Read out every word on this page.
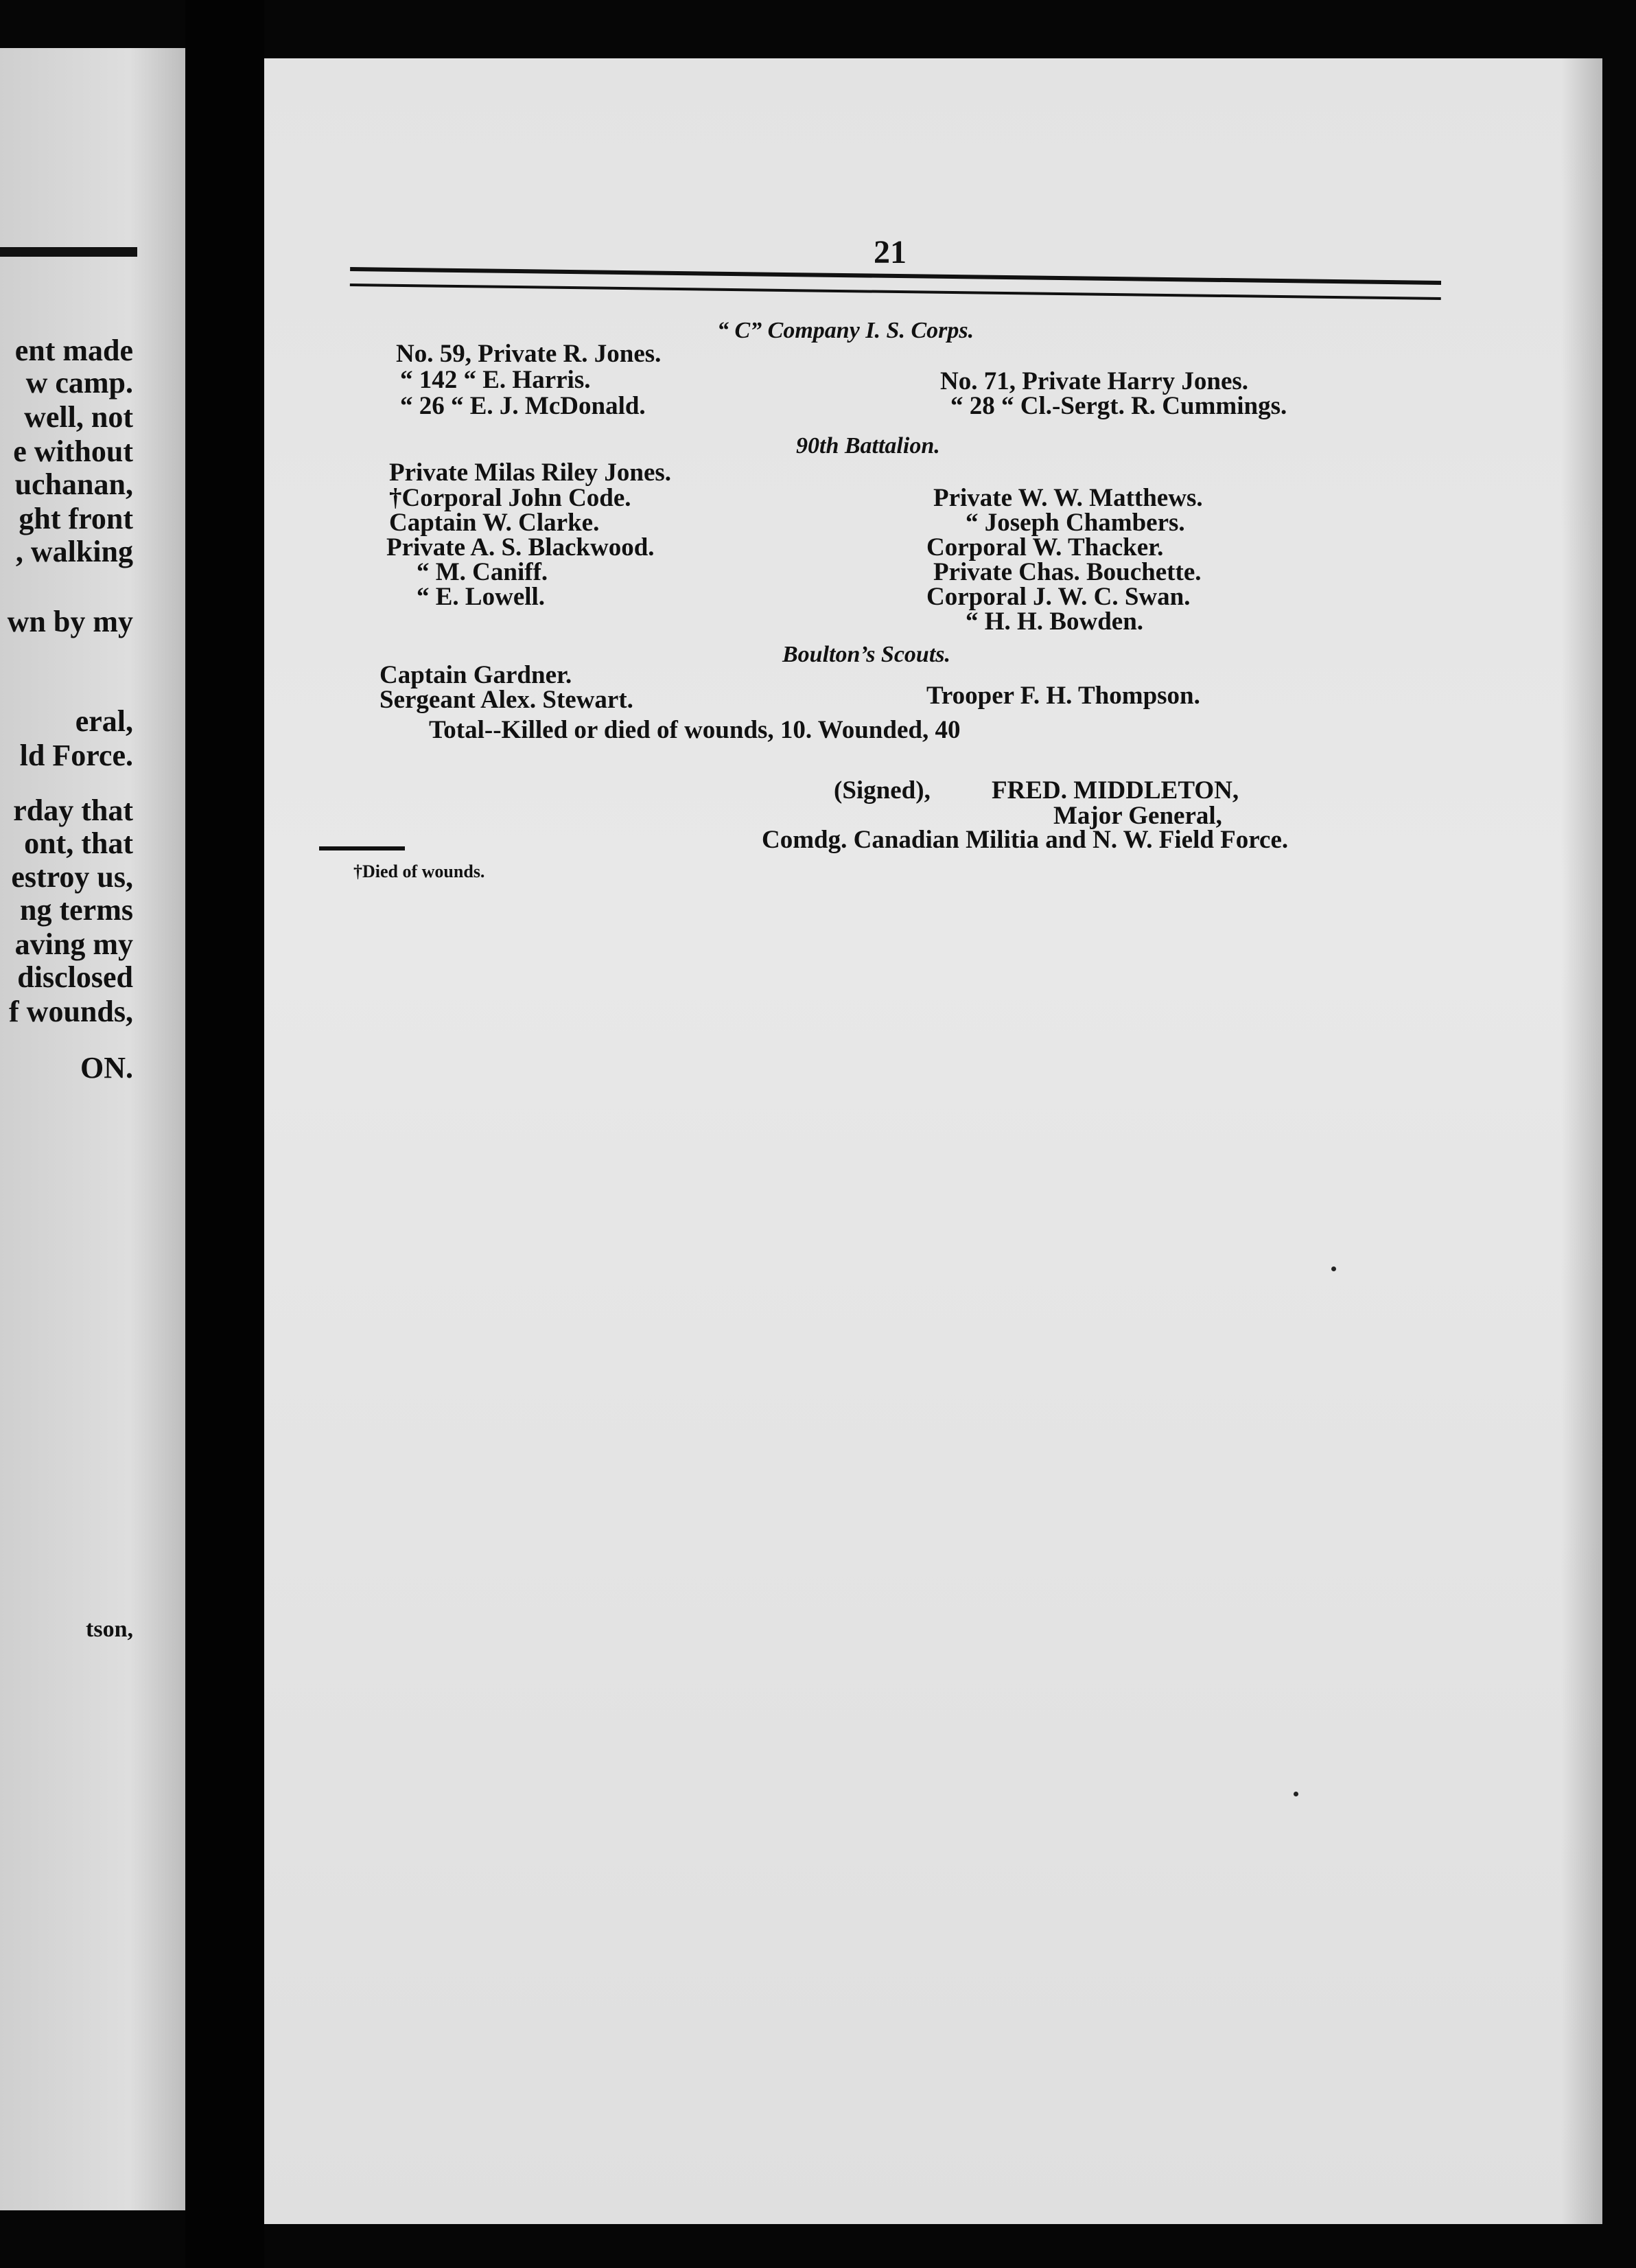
ent made
w camp.
well, not
e without
uchanan,
ght front
, walking
wn by my
eral,
ld Force.
rday that
ont, that
estroy us,
ng terms
aving my
disclosed
f wounds,
ON.
tson,
21
“ C” Company I. S. Corps.
No. 59, Private R. Jones.
“ 142 “ E. Harris.
“ 26 “ E. J. McDonald.
No. 71, Private Harry Jones.
“ 28 “ Cl.-Sergt. R. Cummings.
90th Battalion.
Private Milas Riley Jones.
†Corporal John Code.
Captain W. Clarke.
Private A. S. Blackwood.
“ M. Caniff.
“ E. Lowell.
Private W. W. Matthews.
“ Joseph Chambers.
Corporal W. Thacker.
Private Chas. Bouchette.
Corporal J. W. C. Swan.
“ H. H. Bowden.
Boulton’s Scouts.
Captain Gardner.
Sergeant Alex. Stewart.	Trooper F. H. Thompson.
Total--Killed or died of wounds, 10. Wounded, 40
(Signed), FRED. MIDDLETON,
Major General,
Comdg. Canadian Militia and N. W. Field Force.
†Died of wounds.
